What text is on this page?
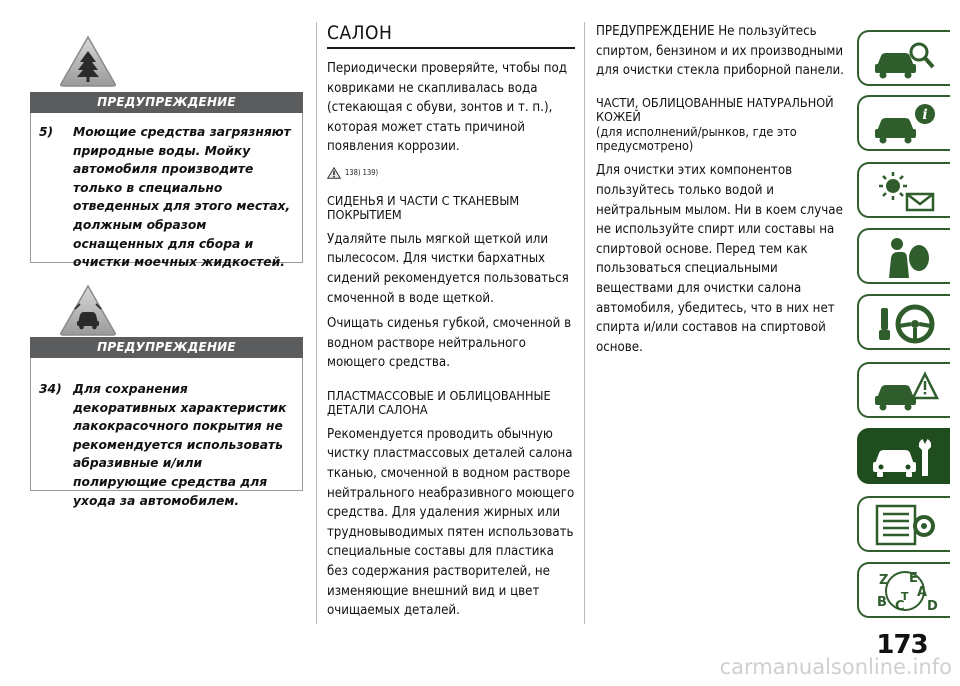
ПРЕДУПРЕЖДЕНИЕ
5)	Моющие средства загрязняют природные воды. Мойку автомобиля производите только в специально отведенных для этого местах, должным образом оснащенных для сбора и очистки моечных жидкостей.
ПРЕДУПРЕЖДЕНИЕ
34) Для сохранения декоративных характеристик лакокрасочного покрытия не рекомендуется использовать абразивные и/или полирующие средства для ухода за автомобилем.
САЛОН
Периодически проверяйте, чтобы под ковриками не скапливалась вода (стекающая с обуви, зонтов и т. п.), которая может стать причиной появления коррозии.
138) 139)
СИДЕНЬЯ И ЧАСТИ С ТКАНЕВЫМ ПОКРЫТИЕМ
Удаляйте пыль мягкой щеткой или пылесосом. Для чистки бархатных сидений рекомендуется пользоваться смоченной в воде щеткой.
Очищать сиденья губкой, смоченной в водном растворе нейтрального моющего средства.
ПЛАСТМАССОВЫЕ И ОБЛИЦОВАННЫЕ ДЕТАЛИ САЛОНА
Рекомендуется проводить обычную чистку пластмассовых деталей салона тканью, смоченной в водном растворе нейтрального неабразивного моющего средства. Для удаления жирных или трудновыводимых пятен использовать специальные составы для пластика без содержания растворителей, не изменяющие внешний вид и цвет очищаемых деталей.
ПРЕДУПРЕЖДЕНИЕ Не пользуйтесь спиртом, бензином и их производными для очистки стекла приборной панели.
ЧАСТИ, ОБЛИЦОВАННЫЕ НАТУРАЛЬНОЙ КОЖЕЙ
(для исполнений/рынков, где это предусмотрено)
Для очистки этих компонентов пользуйтесь только водой и нейтральным мылом. Ни в коем случае не используйте спирт или составы на спиртовой основе. Перед тем как пользоваться специальными веществами для очистки салона автомобиля, убедитесь, что в них нет спирта и/или составов на спиртовой основе.
i
Z E
A
B C D
T
173
carmanualsonline.info
